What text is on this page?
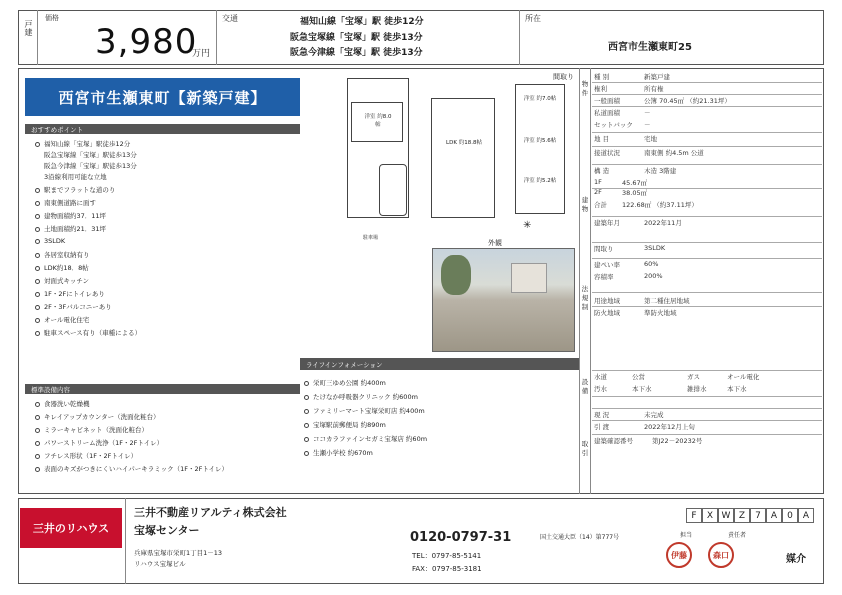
戸建
価格
3,980
万円
交通	福知山線「宝塚」駅 徒歩12分
阪急宝塚線「宝塚」駅 徒歩13分
阪急今津線「宝塚」駅 徒歩13分
所在
西宮市生瀬東町25
西宮市生瀬東町【新築戸建】
おすすめポイント
福知山線「宝塚」駅徒歩12分
阪急宝塚線「宝塚」駅徒歩13分
阪急今津線「宝塚」駅徒歩13分
3沿線利用可能な立地
駅までフラットな道のり
南東側道路に面す
建物面積約37．11坪
土地面積約21．31坪
3SLDK
各居室収納有り
LDK約18．8帖
対面式キッチン
1F・2Fにトイレあり
2F・3Fバルコニーあり
オール電化住宅
駐車スペース有り（車種による）
標準設備内容
食器洗い乾燥機
キレイアップカウンター（洗面化粧台）
ミラーキャビネット（洗面化粧台）
パワーストリーム洗浄（1F・2Fトイレ）
フチレス形状（1F・2Fトイレ）
表面のキズがつきにくいハイパーキラミック（1F・2Fトイレ）
間取り
洋室 約8.0帖
駐車場
LDK 約18.8帖
洋室 約7.0帖
洋室 約5.6帖
洋室 約5.2帖
✳
外観
ライフインフォメーション
栄町三ゆめ公園 約400m
たけなか呼吸器クリニック 約600m
ファミリーマート宝塚栄町店 約400m
宝塚駅前郵便局 約890m
ココカラファインセガミ宝塚店 約60m
生瀬小学校 約670m
物件
建物
法規制
設備
取引
種 別	新築戸建
権利	所有権
一般面積	公簿 70.45㎡ （約21.31坪）
私道面積	－
セットバック －
地 目	宅地
接道状況	南東側 約4.5m 公道
構 造	木造 3階建
1F	45.67㎡
2F	38.05㎡
合計 122.68㎡ （約37.11坪）
建築年月	2022年11月
間取り	3SLDK
建ぺい率	60%
容積率	200%
用途地域	第二種住居地域
防火地域	準防火地域
水道	公営	ガス	オール電化
汚水	本下水	雑排水	本下水
現 況	未完成
引 渡	2022年12月上旬
建築確認番号	第J22－20232号
三井のリハウス
三井不動産リアルティ株式会社
宝塚センター
兵庫県宝塚市栄町1丁目1－13
リハウス宝塚ビル
0120-0797-31
TEL：0797-85-5141
FAX：0797-85-3181
国土交通大臣（14）第777号
F	X W Z	7	A	0	A
担当	責任者
媒介
伊藤	森口
